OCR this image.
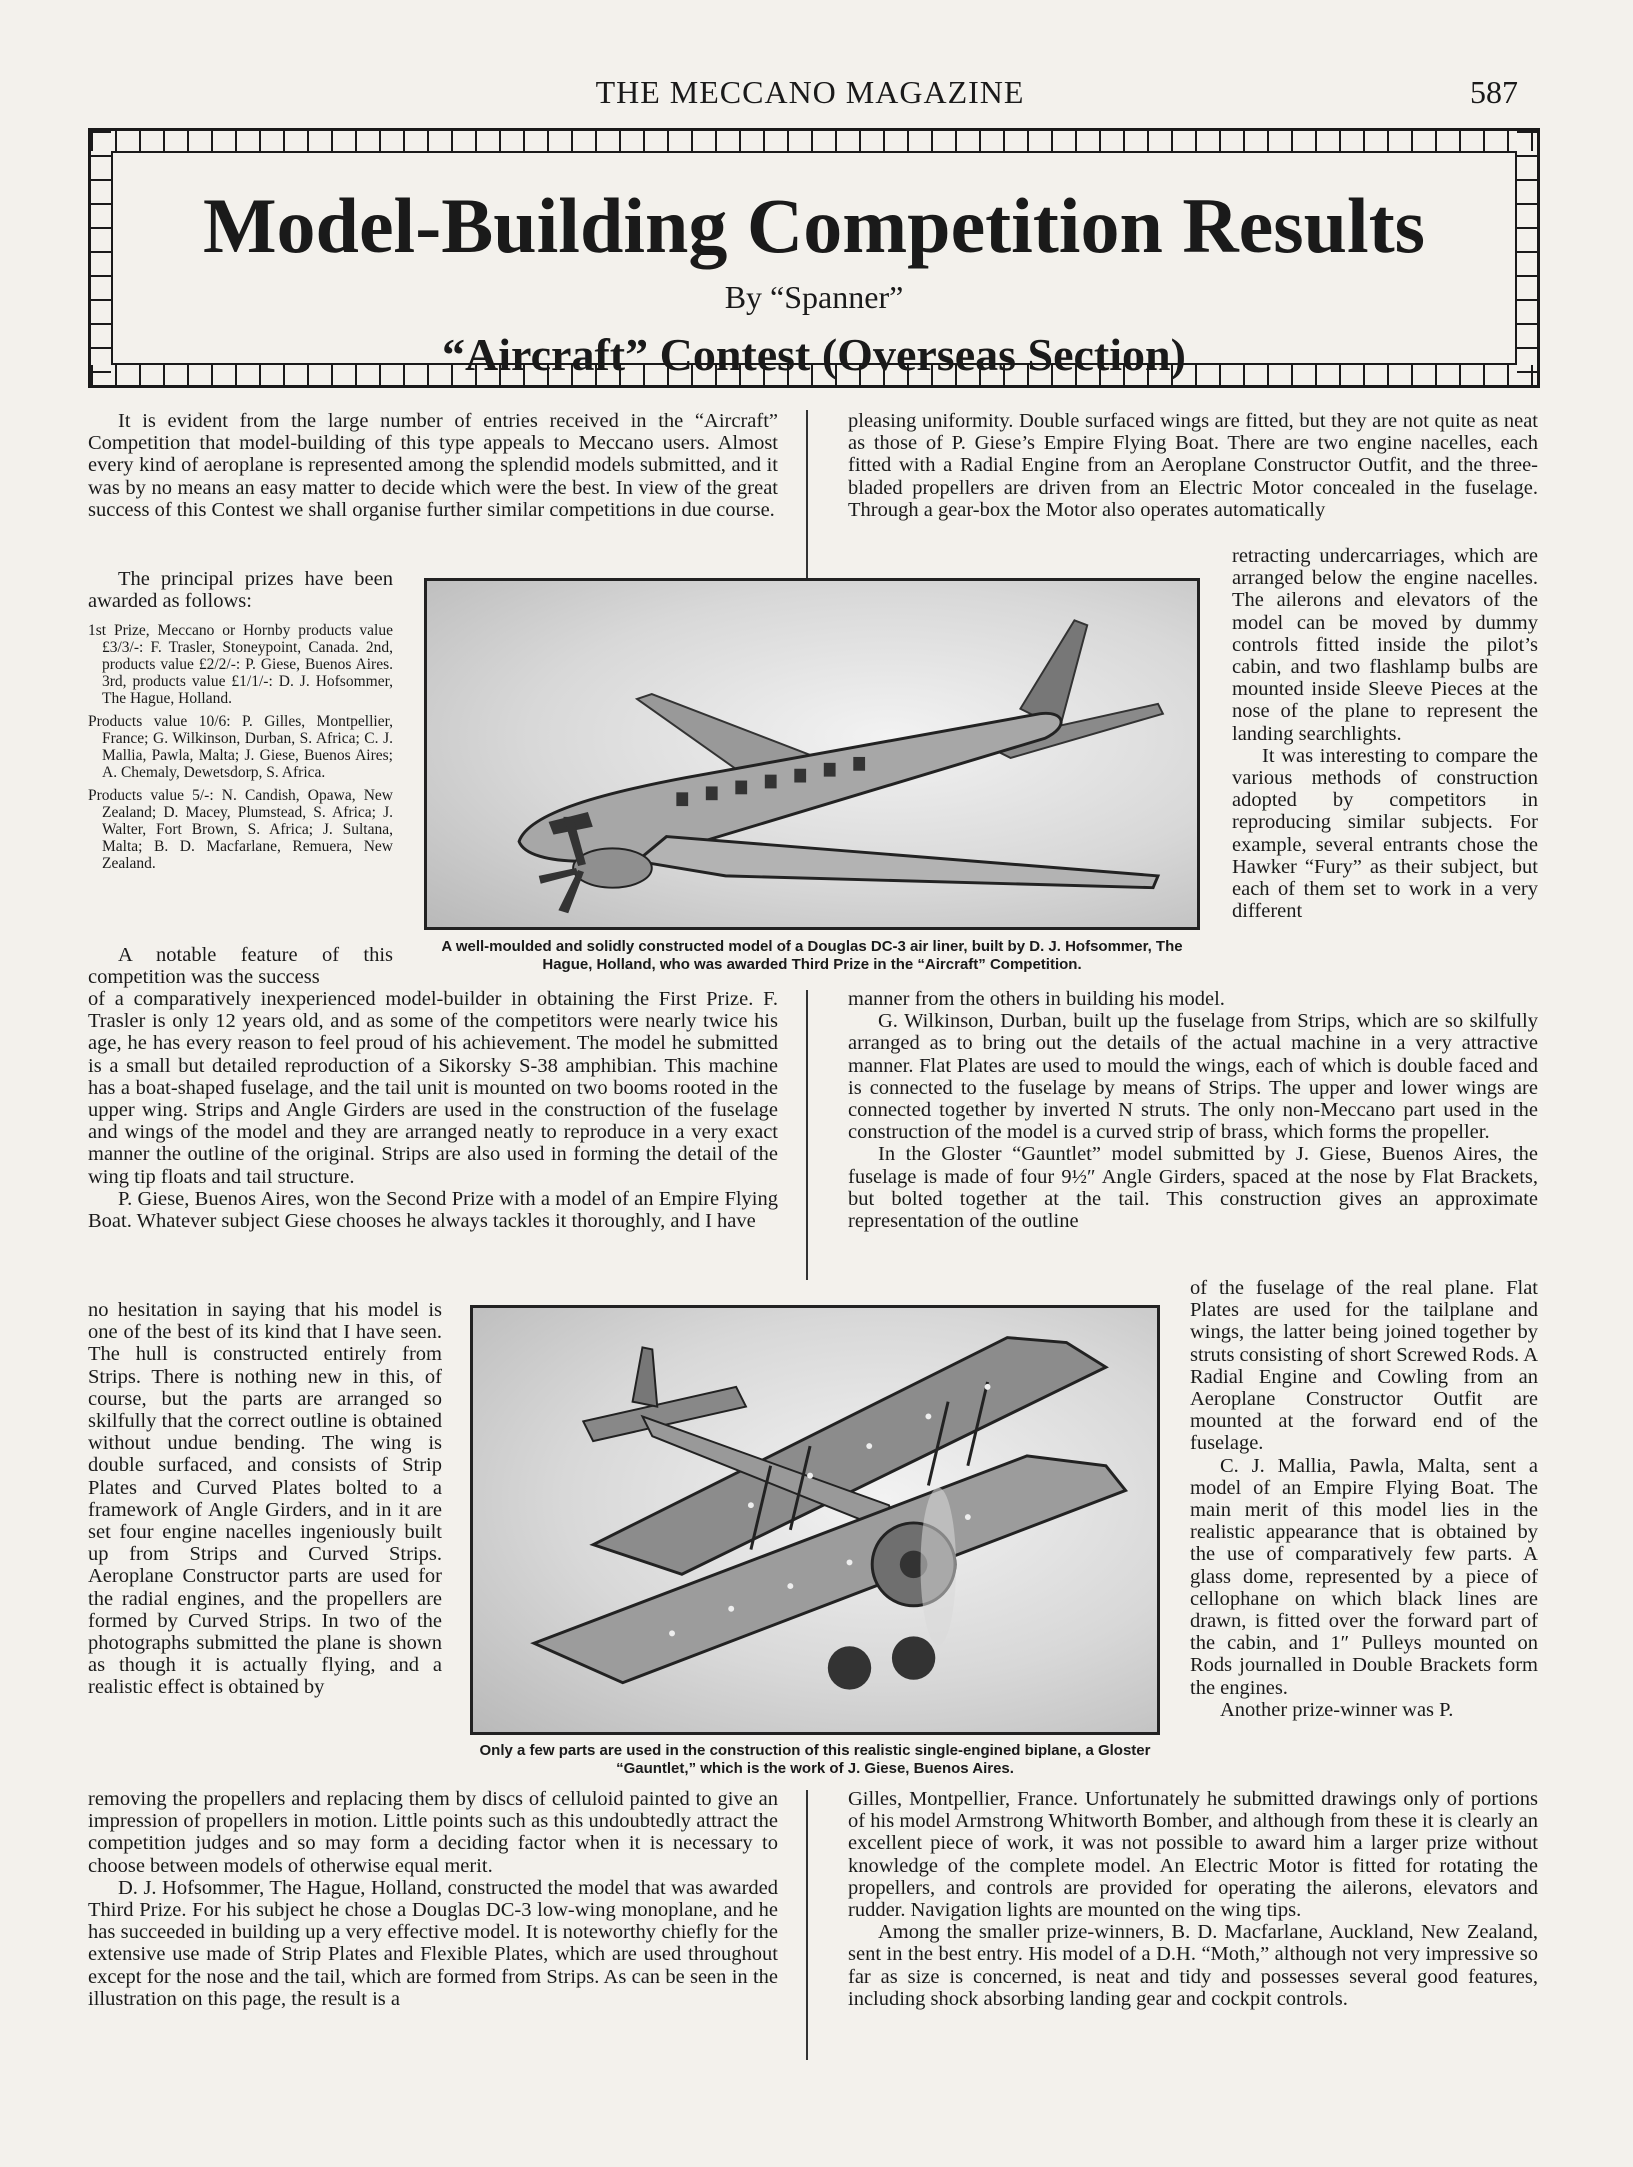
THE MECCANO MAGAZINE	587
Model-Building Competition Results
By “Spanner”
“Aircraft” Contest (Overseas Section)

It is evident from the large number of entries received in the “Aircraft” Competition that model-building of this type appeals to Meccano users. Almost every kind of aeroplane is represented among the splendid models submitted, and it was by no means an easy matter to decide which were the best. In view of the great success of this Contest we shall organise further similar competitions in due course.

The principal prizes have been awarded as follows:

1st Prize, Meccano or Hornby products value £3/3/-: F. Trasler, Stoneypoint, Canada. 2nd, products value £2/2/-: P. Giese, Buenos Aires. 3rd, products value £1/1/-: D. J. Hofsommer, The Hague, Holland.

Products value 10/6: P. Gilles, Montpellier, France; G. Wilkinson, Durban, S. Africa; C. J. Mallia, Pawla, Malta; J. Giese, Buenos Aires; A. Chemaly, Dewetsdorp, S. Africa.

Products value 5/-: N. Candish, Opawa, New Zealand; D. Macey, Plumstead, S. Africa; J. Walter, Fort Brown, S. Africa; J. Sultana, Malta; B. D. Macfarlane, Remuera, New Zealand.

A notable feature of this competition was the success

of a comparatively inexperienced model-builder in obtaining the First Prize. F. Trasler is only 12 years old, and as some of the competitors were nearly twice his age, he has every reason to feel proud of his achievement. The model he submitted is a small but detailed reproduction of a Sikorsky S-38 amphibian. This machine has a boat-shaped fuselage, and the tail unit is mounted on two booms rooted in the upper wing. Strips and Angle Girders are used in the construction of the fuselage and wings of the model and they are arranged neatly to reproduce in a very exact manner the outline of the original. Strips are also used in forming the detail of the wing tip floats and tail structure.

P. Giese, Buenos Aires, won the Second Prize with a model of an Empire Flying Boat. Whatever subject Giese chooses he always tackles it thoroughly, and I have

no hesitation in saying that his model is one of the best of its kind that I have seen. The hull is constructed entirely from Strips. There is nothing new in this, of course, but the parts are arranged so skilfully that the correct outline is obtained without undue bending. The wing is double surfaced, and consists of Strip Plates and Curved Plates bolted to a framework of Angle Girders, and in it are set four engine nacelles ingeniously built up from Strips and Curved Strips. Aeroplane Constructor parts are used for the radial engines, and the propellers are formed by Curved Strips. In two of the photographs submitted the plane is shown as though it is actually flying, and a realistic effect is obtained by

removing the propellers and replacing them by discs of celluloid painted to give an impression of propellers in motion. Little points such as this undoubtedly attract the competition judges and so may form a deciding factor when it is necessary to choose between models of otherwise equal merit.

D. J. Hofsommer, The Hague, Holland, constructed the model that was awarded Third Prize. For his subject he chose a Douglas DC-3 low-wing monoplane, and he has succeeded in building up a very effective model. It is noteworthy chiefly for the extensive use made of Strip Plates and Flexible Plates, which are used throughout except for the nose and the tail, which are formed from Strips. As can be seen in the illustration on this page, the result is a

pleasing uniformity. Double surfaced wings are fitted, but they are not quite as neat as those of P. Giese’s Empire Flying Boat. There are two engine nacelles, each fitted with a Radial Engine from an Aeroplane Constructor Outfit, and the three-bladed propellers are driven from an Electric Motor concealed in the fuselage. Through a gear-box the Motor also operates automatically

retracting undercarriages, which are arranged below the engine nacelles. The ailerons and elevators of the model can be moved by dummy controls fitted inside the pilot’s cabin, and two flashlamp bulbs are mounted inside Sleeve Pieces at the nose of the plane to represent the landing searchlights.

It was interesting to compare the various methods of construction adopted by competitors in reproducing similar subjects. For example, several entrants chose the Hawker “Fury” as their subject, but each of them set to work in a very different

manner from the others in building his model.

G. Wilkinson, Durban, built up the fuselage from Strips, which are so skilfully arranged as to bring out the details of the actual machine in a very attractive manner. Flat Plates are used to mould the wings, each of which is double faced and is connected to the fuselage by means of Strips. The upper and lower wings are connected together by inverted N struts. The only non-Meccano part used in the construction of the model is a curved strip of brass, which forms the propeller.

In the Gloster “Gauntlet” model submitted by J. Giese, Buenos Aires, the fuselage is made of four 9½″ Angle Girders, spaced at the nose by Flat Brackets, but bolted together at the tail. This construction gives an approximate representation of the outline

of the fuselage of the real plane. Flat Plates are used for the tailplane and wings, the latter being joined together by struts consisting of short Screwed Rods. A Radial Engine and Cowling from an Aeroplane Constructor Outfit are mounted at the forward end of the fuselage.

C. J. Mallia, Pawla, Malta, sent a model of an Empire Flying Boat. The main merit of this model lies in the realistic appearance that is obtained by the use of comparatively few parts. A glass dome, represented by a piece of cellophane on which black lines are drawn, is fitted over the forward part of the cabin, and 1″ Pulleys mounted on Rods journalled in Double Brackets form the engines.

Another prize-winner was P.

Gilles, Montpellier, France. Unfortunately he submitted drawings only of portions of his model Armstrong Whitworth Bomber, and although from these it is clearly an excellent piece of work, it was not possible to award him a larger prize without knowledge of the complete model. An Electric Motor is fitted for rotating the propellers, and controls are provided for operating the ailerons, elevators and rudder. Navigation lights are mounted on the wing tips.

Among the smaller prize-winners, B. D. Macfarlane, Auckland, New Zealand, sent in the best entry. His model of a D.H. “Moth,” although not very impressive so far as size is concerned, is neat and tidy and possesses several good features, including shock absorbing landing gear and cockpit controls.

A well-moulded and solidly constructed model of a Douglas DC-3 air liner, built by D. J. Hofsommer, The Hague, Holland, who was awarded Third Prize in the “Aircraft” Competition.
Only a few parts are used in the construction of this realistic single-engined biplane, a Gloster “Gauntlet,” which is the work of J. Giese, Buenos Aires.
